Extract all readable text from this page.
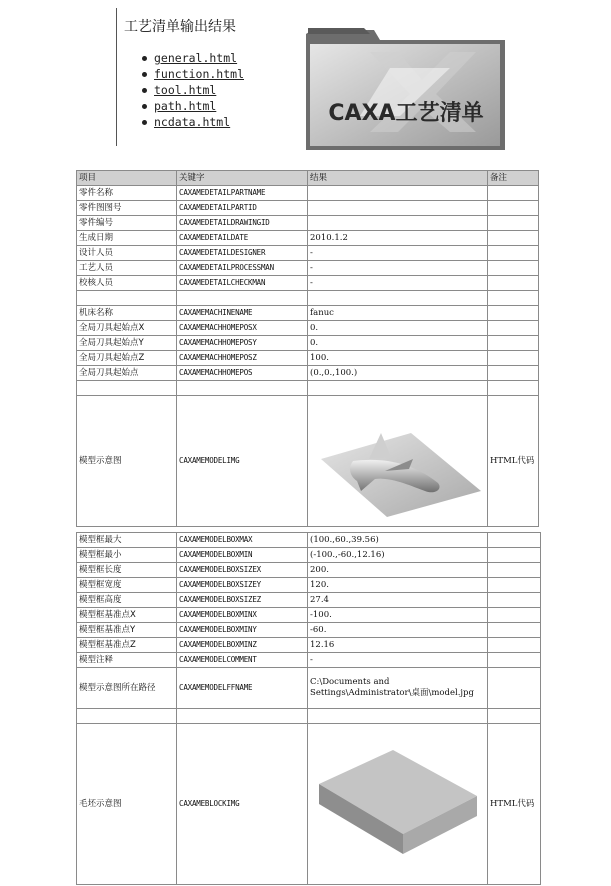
工艺清单输出结果
general.html
function.html
tool.html
path.html
ncdata.html	CAXA工艺清单
项目	关键字	结果	备注
零件名称	CAXAMEDETAILPARTNAME		
零件图图号	CAXAMEDETAILPARTID		
零件编号	CAXAMEDETAILDRAWINGID		
生成日期	CAXAMEDETAILDATE	2010.1.2	
设计人员	CAXAMEDETAILDESIGNER	-	
工艺人员	CAXAMEDETAILPROCESSMAN	-	
校核人员	CAXAMEDETAILCHECKMAN	-	

机床名称	CAXAMEMACHINENAME	fanuc	
全局刀具起始点X	CAXAMEMACHHOMEPOSX	0.	
全局刀具起始点Y	CAXAMEMACHHOMEPOSY	0.	
全局刀具起始点Z	CAXAMEMACHHOMEPOSZ	100.	
全局刀具起始点	CAXAMEMACHHOMEPOS	(0.,0.,100.)	

模型示意图	CAXAMEMODELIMG		HTML代码
模型框最大	CAXAMEMODELBOXMAX	(100.,60.,39.56)	
模型框最小	CAXAMEMODELBOXMIN	(-100.,-60.,12.16)	
模型框长度	CAXAMEMODELBOXSIZEX	200.	
模型框宽度	CAXAMEMODELBOXSIZEY	120.	
模型框高度	CAXAMEMODELBOXSIZEZ	27.4	
模型框基准点X	CAXAMEMODELBOXMINX	-100.	
模型框基准点Y	CAXAMEMODELBOXMINY	-60.	
模型框基准点Z	CAXAMEMODELBOXMINZ	12.16	
模型注释	CAXAMEMODELCOMMENT	-	
模型示意图所在路径	CAXAMEMODELFFNAME	C:\Documents and Settings\Administrator\桌面\model.jpg	

毛坯示意图	CAXAMEBLOCKIMG		HTML代码
